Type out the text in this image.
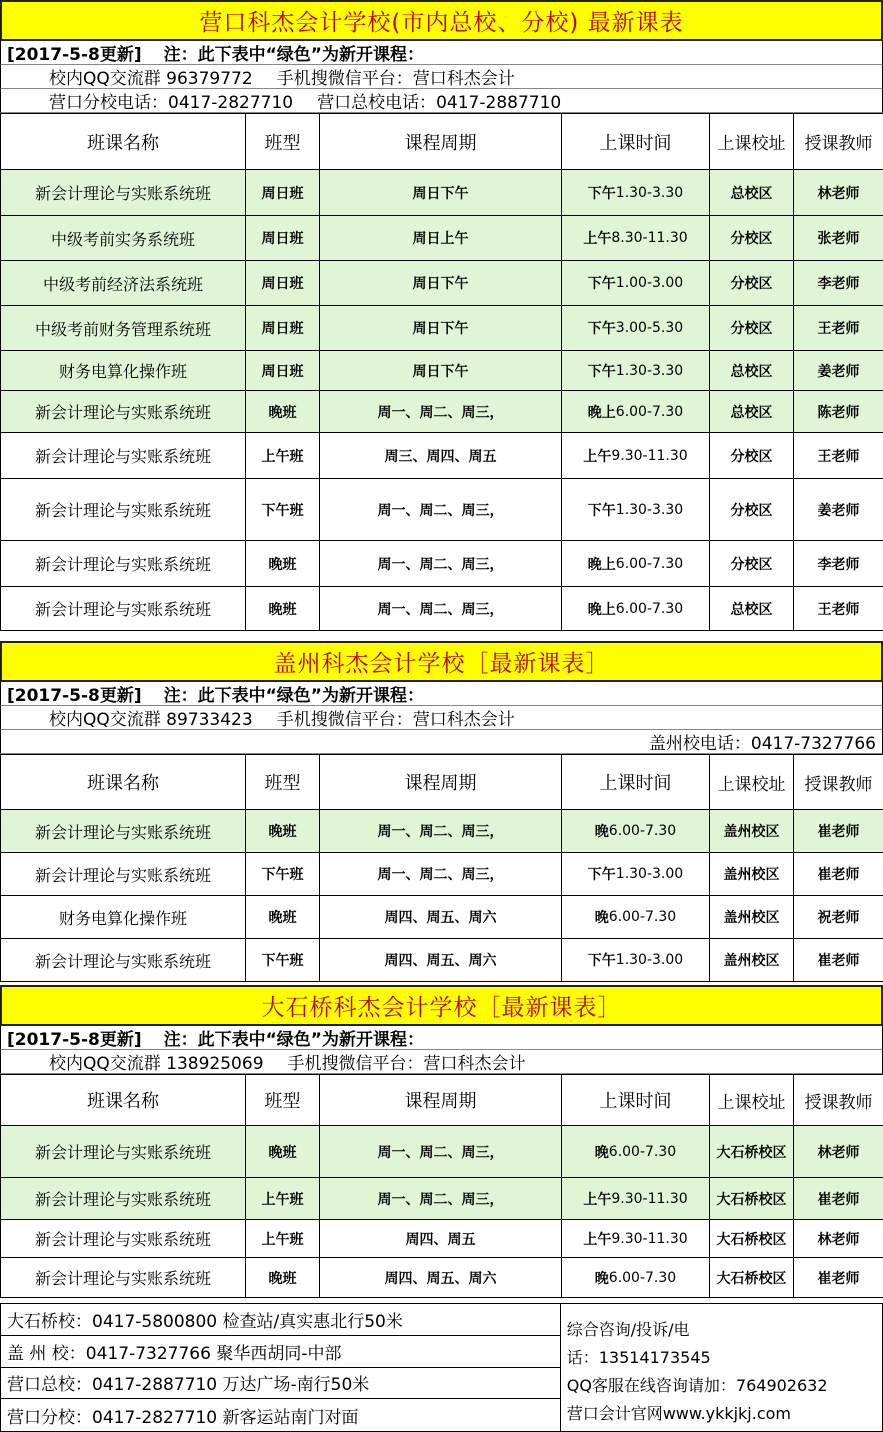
营口科杰会计学校(市内总校、分校) 最新课表
[2017-5-8更新] 注：此下表中“绿色”为新开课程：
校内QQ交流群 96379772 手机搜微信平台：营口科杰会计
营口分校电话：0417-2827710 营口总校电话：0417-2887710
班课名称	班型	课程周期	上课时间	上课校址	授课教师
新会计理论与实账系统班	周日班	周日下午	下午 1.30-3.30	总校区	林老师
中级考前实务系统班	周日班	周日上午	上午 8.30-11.30	分校区	张老师
中级考前经济法系统班	周日班	周日下午	下午 1.00-3.00	分校区	李老师
中级考前财务管理系统班	周日班	周日下午	下午 3.00-5.30	分校区	王老师
财务电算化操作班	周日班	周日下午	下午 1.30-3.30	总校区	姜老师
新会计理论与实账系统班	晚班	周一、周二、周三，	晚上 6.00-7.30	总校区	陈老师
新会计理论与实账系统班	上午班	周三、周四、周五	上午 9.30-11.30	分校区	王老师
新会计理论与实账系统班	下午班	周一、周二、周三，	下午 1.30-3.30	分校区	姜老师
新会计理论与实账系统班	晚班	周一、周二、周三，	晚上 6.00-7.30	分校区	李老师
新会计理论与实账系统班	晚班	周一、周二、周三，	晚上 6.00-7.30	总校区	王老师
盖州科杰会计学校［最新课表］
[2017-5-8更新] 注：此下表中“绿色”为新开课程：
校内QQ交流群 89733423 手机搜微信平台：营口科杰会计
盖州校电话：0417-7327766
班课名称	班型	课程周期	上课时间	上课校址	授课教师
新会计理论与实账系统班	晚班	周一、周二、周三，	晚 6.00-7.30	盖州校区	崔老师
新会计理论与实账系统班	下午班	周一、周二、周三，	下午 1.30-3.00	盖州校区	崔老师
财务电算化操作班	晚班	周四、周五、周六	晚 6.00-7.30	盖州校区	祝老师
新会计理论与实账系统班	下午班	周四、周五、周六	下午 1.30-3.00	盖州校区	崔老师
大石桥科杰会计学校［最新课表］
[2017-5-8更新] 注：此下表中“绿色”为新开课程：
校内QQ交流群 138925069 手机搜微信平台：营口科杰会计
班课名称	班型	课程周期	上课时间	上课校址	授课教师
新会计理论与实账系统班	晚班	周一、周二、周三，	晚 6.00-7.30	大石桥校区	林老师
新会计理论与实账系统班	上午班	周一、周二、周三，	上午 9.30-11.30	大石桥校区	崔老师
新会计理论与实账系统班	上午班	周四、周五	上午 9.30-11.30	大石桥校区	林老师
新会计理论与实账系统班	晚班	周四、周五、周六	晚 6.00-7.30	大石桥校区	崔老师
大石桥校：0417-5800800 检查站/真实惠北行50米
盖 州 校：0417-7327766 聚华西胡同-中部
营口总校：0417-2887710 万达广场-南行50米
营口分校：0417-2827710 新客运站南门对面
综合咨询/投诉/电
话：13514173545
QQ客服在线咨询请加：764902632
营口会计官网www.ykkjkj.com
